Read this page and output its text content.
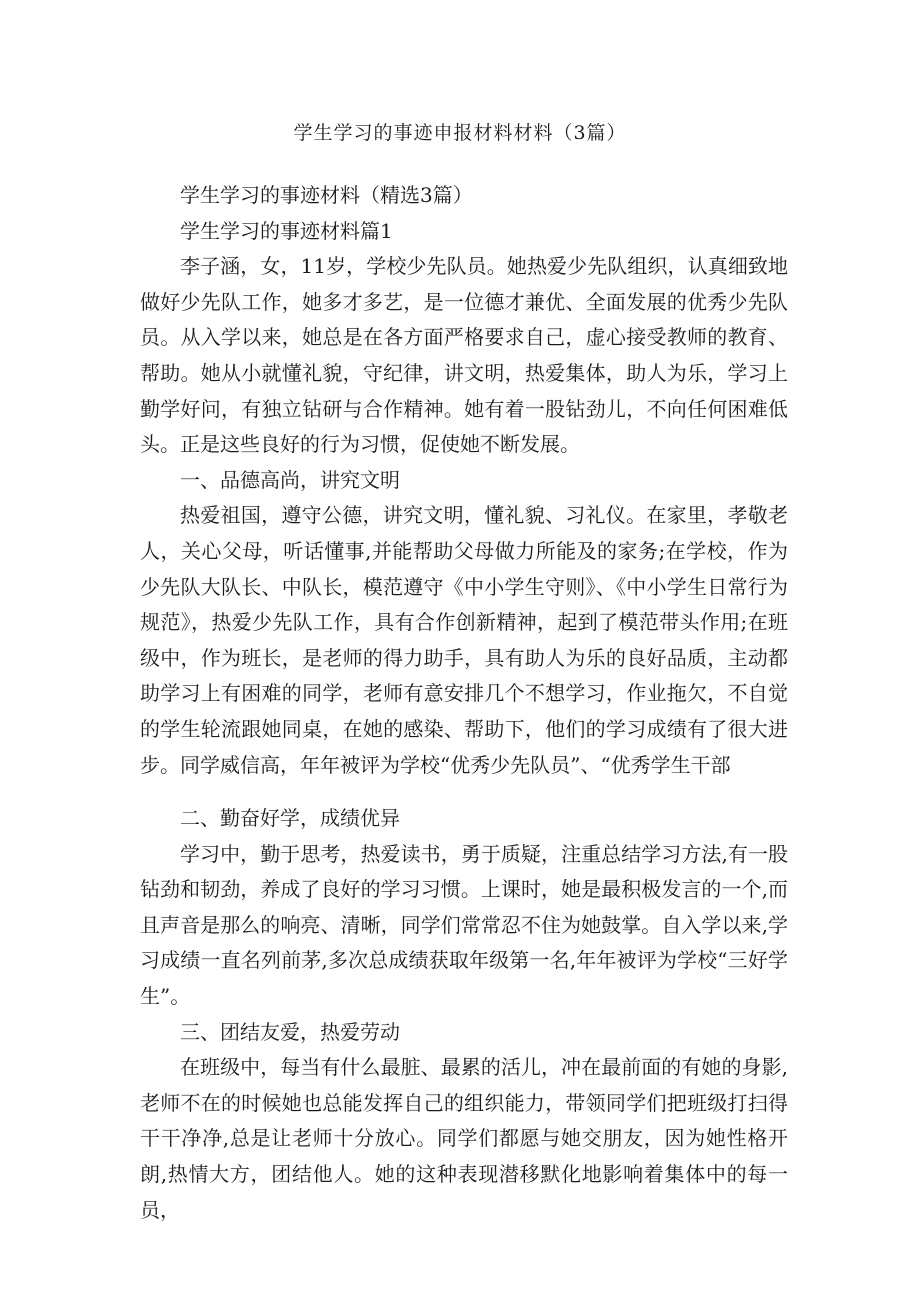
学生学习的事迹申报材料材料（3篇）

学生学习的事迹材料（精选3篇）

学生学习的事迹材料篇1

李子涵，女，11岁，学校少先队员。她热爱少先队组织，认真细致地做好少先队工作，她多才多艺，是一位德才兼优、全面发展的优秀少先队员。从入学以来，她总是在各方面严格要求自己，虚心接受教师的教育、帮助。她从小就懂礼貌，守纪律，讲文明，热爱集体，助人为乐，学习上勤学好问，有独立钻研与合作精神。她有着一股钻劲儿，不向任何困难低头。正是这些良好的行为习惯，促使她不断发展。

一、品德高尚，讲究文明

热爱祖国，遵守公德，讲究文明，懂礼貌、习礼仪。在家里，孝敬老人，关心父母，听话懂事,并能帮助父母做力所能及的家务;在学校，作为少先队大队长、中队长，模范遵守《中小学生守则》、《中小学生日常行为规范》，热爱少先队工作，具有合作创新精神，起到了模范带头作用;在班级中，作为班长，是老师的得力助手，具有助人为乐的良好品质，主动都助学习上有困难的同学，老师有意安排几个不想学习，作业拖欠，不自觉的学生轮流跟她同桌，在她的感染、帮助下，他们的学习成绩有了很大进步。同学威信高，年年被评为学校“优秀少先队员”、“优秀学生干部

二、勤奋好学，成绩优异

学习中，勤于思考，热爱读书，勇于质疑，注重总结学习方法,有一股钻劲和韧劲，养成了良好的学习习惯。上课时，她是最积极发言的一个,而且声音是那么的响亮、清晰，同学们常常忍不住为她鼓掌。自入学以来,学习成绩一直名列前茅,多次总成绩获取年级第一名,年年被评为学校“三好学生”。

三、团结友爱，热爱劳动

在班级中，每当有什么最脏、最累的活儿，冲在最前面的有她的身影,老师不在的时候她也总能发挥自己的组织能力，带领同学们把班级打扫得干干净净,总是让老师十分放心。同学们都愿与她交朋友，因为她性格开朗,热情大方，团结他人。她的这种表现潜移默化地影响着集体中的每一员，
